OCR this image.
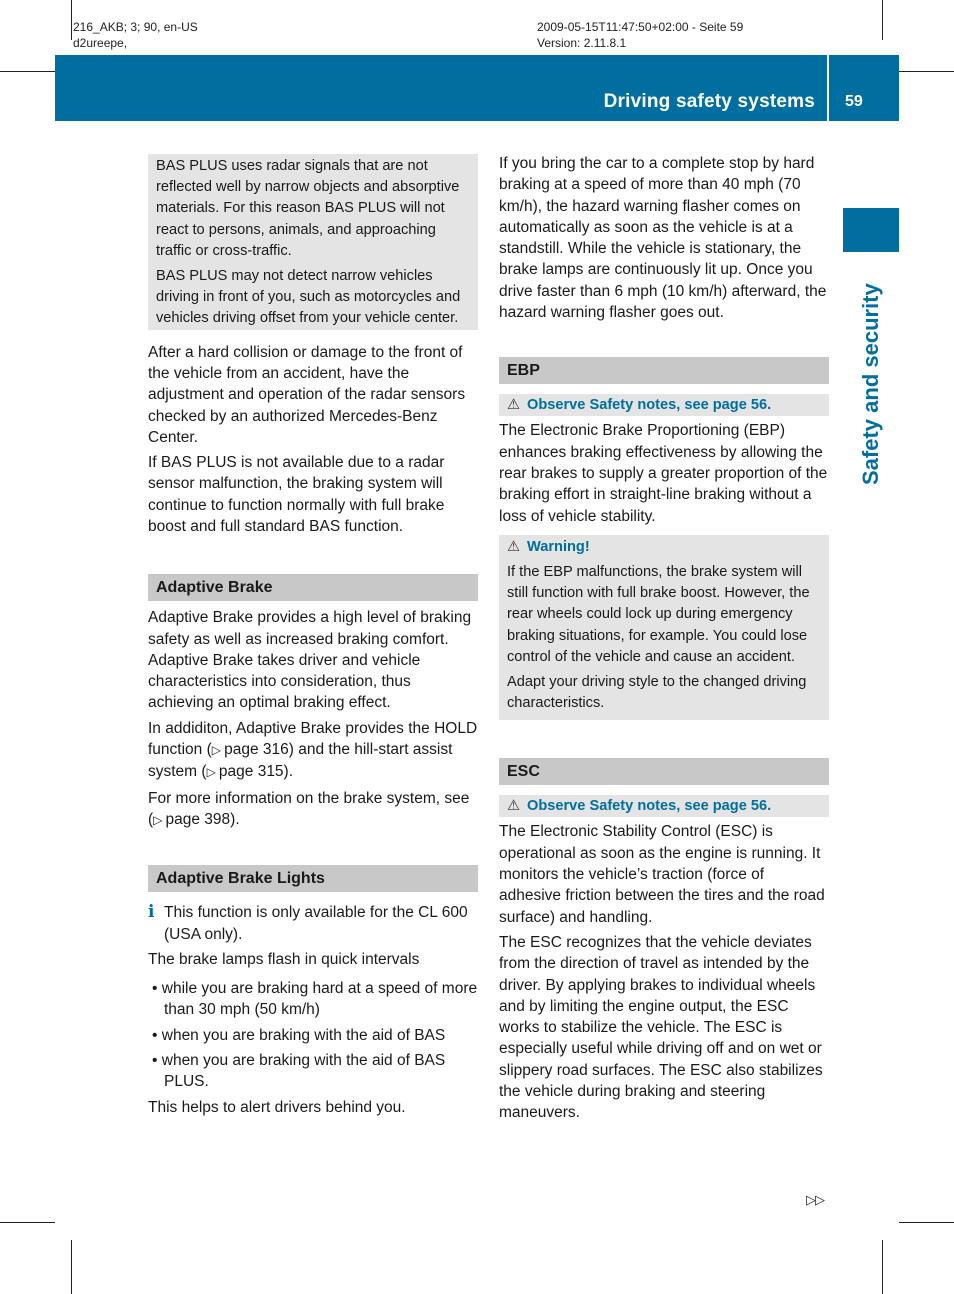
216_AKB; 3; 90, en-US
d2ureepe,
2009-05-15T11:47:50+02:00 - Seite 59
Version: 2.11.8.1
Driving safety systems 59
Safety and security

BAS PLUS uses radar signals that are not reflected well by narrow objects and absorptive materials. For this reason BAS PLUS will not react to persons, animals, and approaching traffic or cross-traffic.

BAS PLUS may not detect narrow vehicles driving in front of you, such as motorcycles and vehicles driving offset from your vehicle center.

After a hard collision or damage to the front of the vehicle from an accident, have the adjustment and operation of the radar sensors checked by an authorized Mercedes-Benz Center.

If BAS PLUS is not available due to a radar sensor malfunction, the braking system will continue to function normally with full brake boost and full standard BAS function.

Adaptive Brake

Adaptive Brake provides a high level of braking safety as well as increased braking comfort. Adaptive Brake takes driver and vehicle characteristics into consideration, thus achieving an optimal braking effect.

In addiditon, Adaptive Brake provides the HOLD function (▷  page 316) and the hill-start assist system (▷  page 315).

For more information on the brake system, see (▷  page 398).

Adaptive Brake Lights

i This function is only available for the CL 600 (USA only).

The brake lamps flash in quick intervals

• while you are braking hard at a speed of more than 30 mph (50 km/h)

• when you are braking with the aid of BAS

• when you are braking with the aid of BAS PLUS.

This helps to alert drivers behind you.

If you bring the car to a complete stop by hard braking at a speed of more than 40 mph (70 km/h), the hazard warning flasher comes on automatically as soon as the vehicle is at a standstill. While the vehicle is stationary, the brake lamps are continuously lit up. Once you drive faster than 6 mph (10 km/h) afterward, the hazard warning flasher goes out.

EBP
⚠ Observe Safety notes, see page 56.

The Electronic Brake Proportioning (EBP) enhances braking effectiveness by allowing the rear brakes to supply a greater proportion of the braking effort in straight-line braking without a loss of vehicle stability.

⚠ Warning!

If the EBP malfunctions, the brake system will still function with full brake boost. However, the rear wheels could lock up during emergency braking situations, for example. You could lose control of the vehicle and cause an accident.

Adapt your driving style to the changed driving characteristics.

ESC
⚠ Observe Safety notes, see page 56.

The Electronic Stability Control (ESC) is operational as soon as the engine is running. It monitors the vehicle’s traction (force of adhesive friction between the tires and the road surface) and handling.

The ESC recognizes that the vehicle deviates from the direction of travel as intended by the driver. By applying brakes to individual wheels and by limiting the engine output, the ESC works to stabilize the vehicle. The ESC is especially useful while driving off and on wet or slippery road surfaces. The ESC also stabilizes the vehicle during braking and steering maneuvers.

▷▷
